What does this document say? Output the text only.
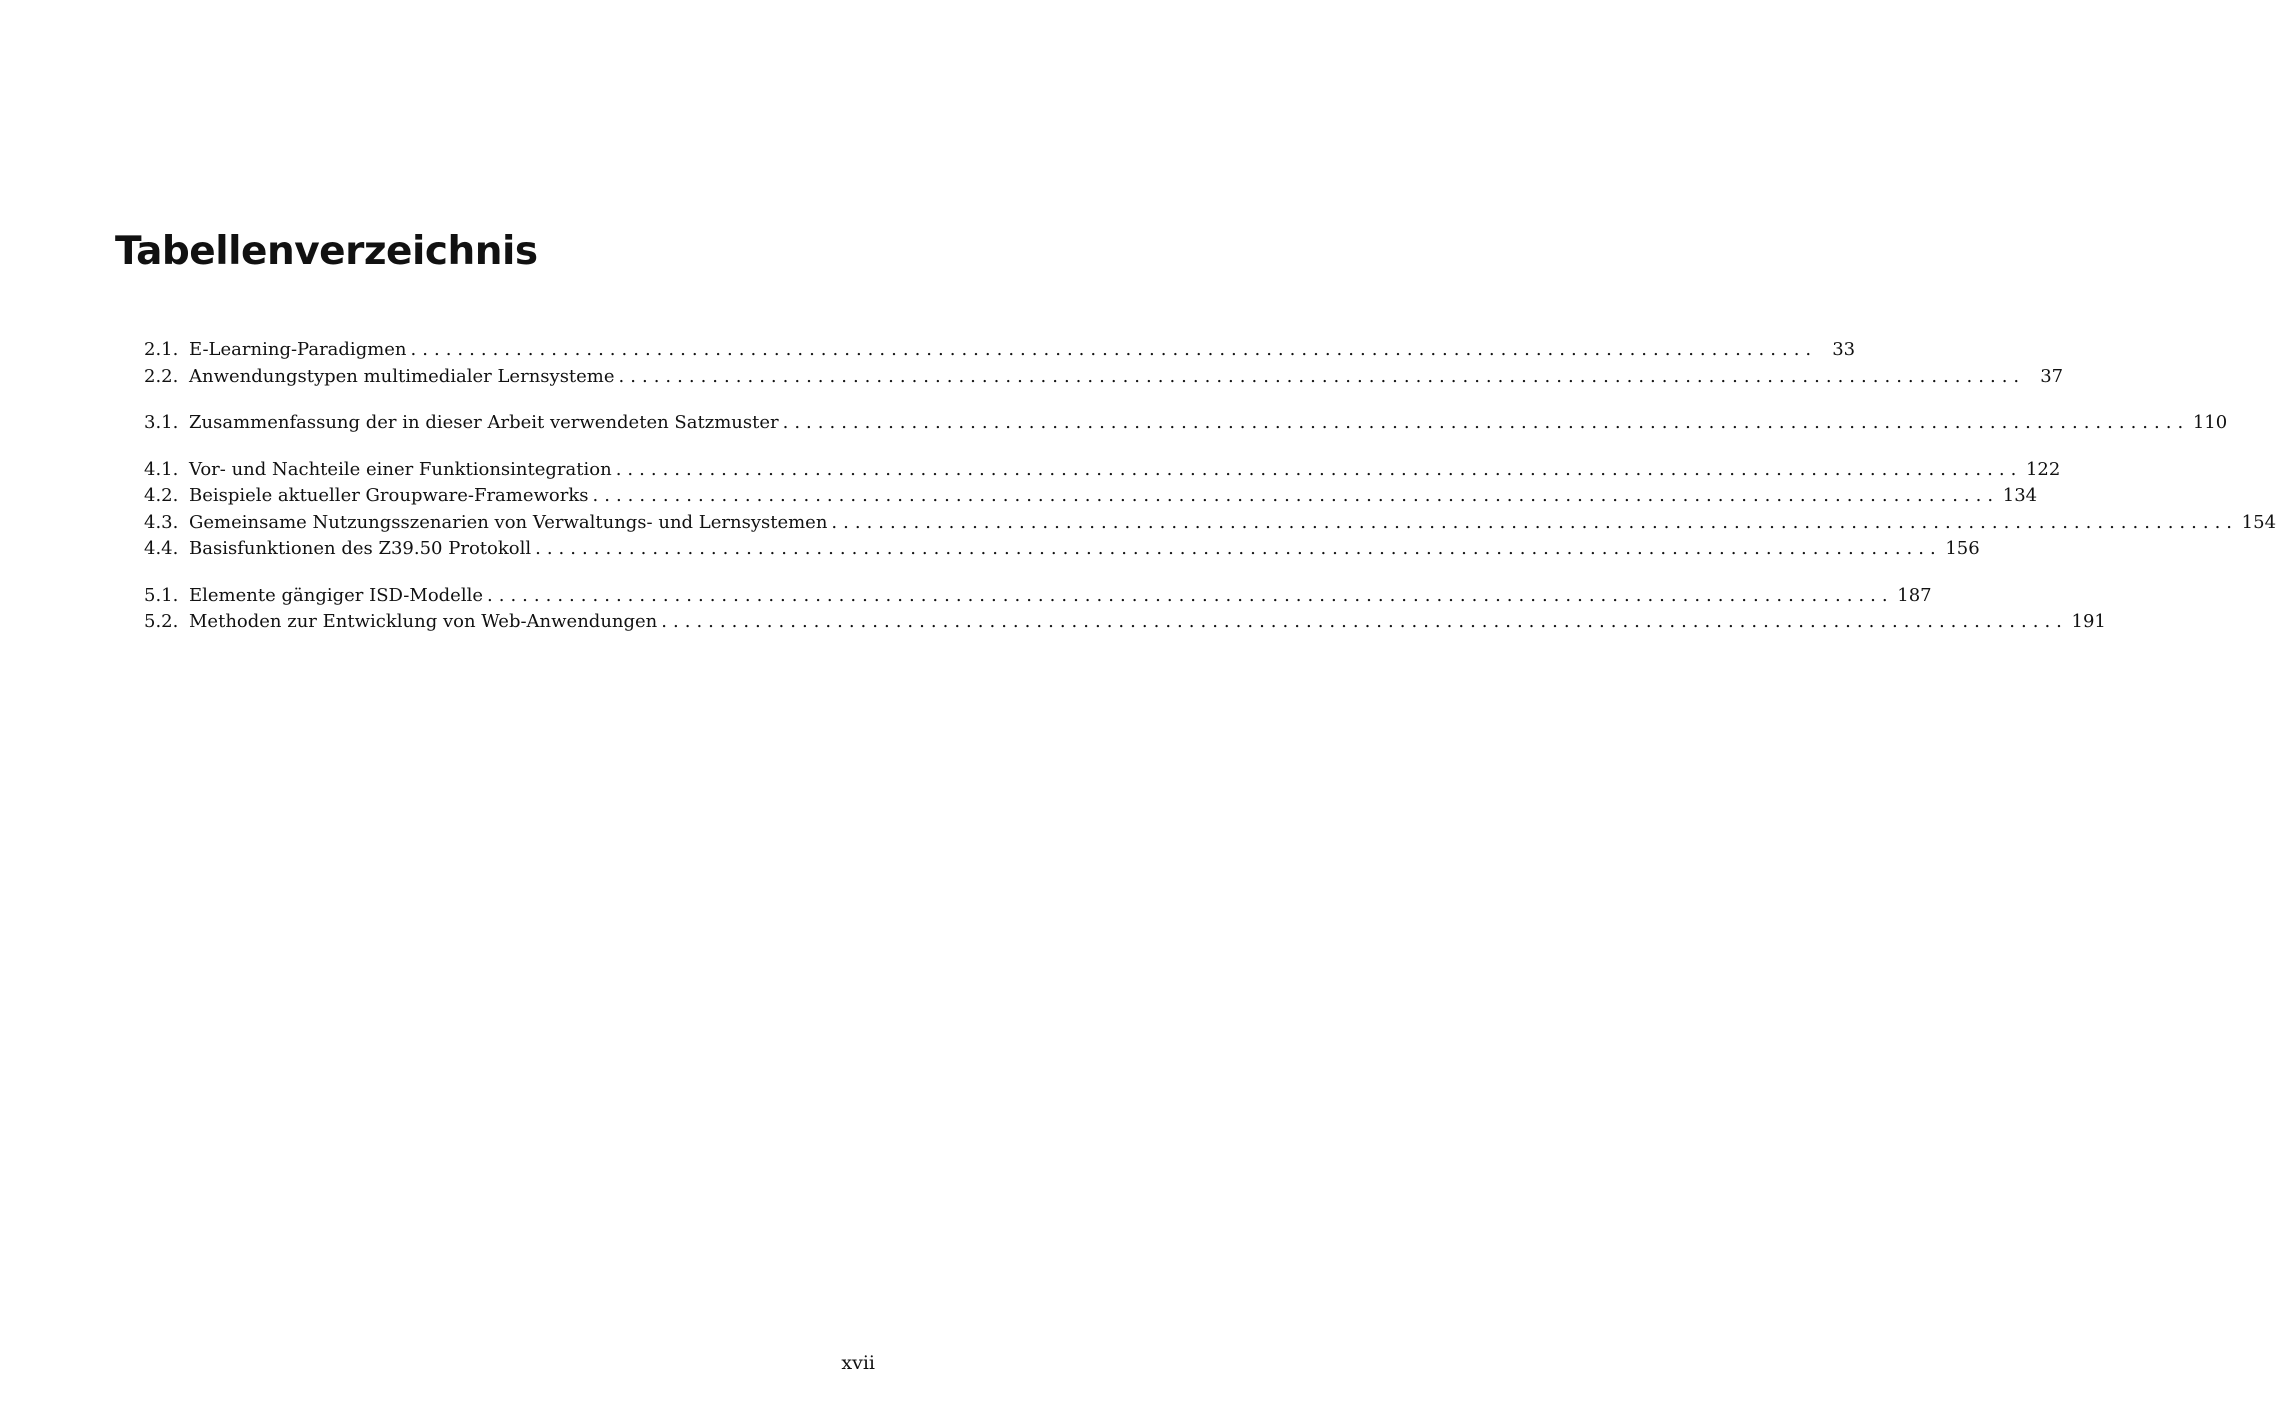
Tabellenverzeichnis
2.1. E-Learning-Paradigmen ........................................................................................................................ 33
2.2. Anwendungstypen multimedialer Lernsysteme ........................................................................................................................ 37
3.1. Zusammenfassung der in dieser Arbeit verwendeten Satzmuster ........................................................................................................................ 110
4.1. Vor- und Nachteile einer Funktionsintegration ........................................................................................................................ 122
4.2. Beispiele aktueller Groupware-Frameworks ........................................................................................................................ 134
4.3. Gemeinsame Nutzungsszenarien von Verwaltungs- und Lernsystemen ........................................................................................................................ 154
4.4. Basisfunktionen des Z39.50 Protokoll ........................................................................................................................ 156
5.1. Elemente gängiger ISD-Modelle ........................................................................................................................ 187
5.2. Methoden zur Entwicklung von Web-Anwendungen ........................................................................................................................ 191
xvii
